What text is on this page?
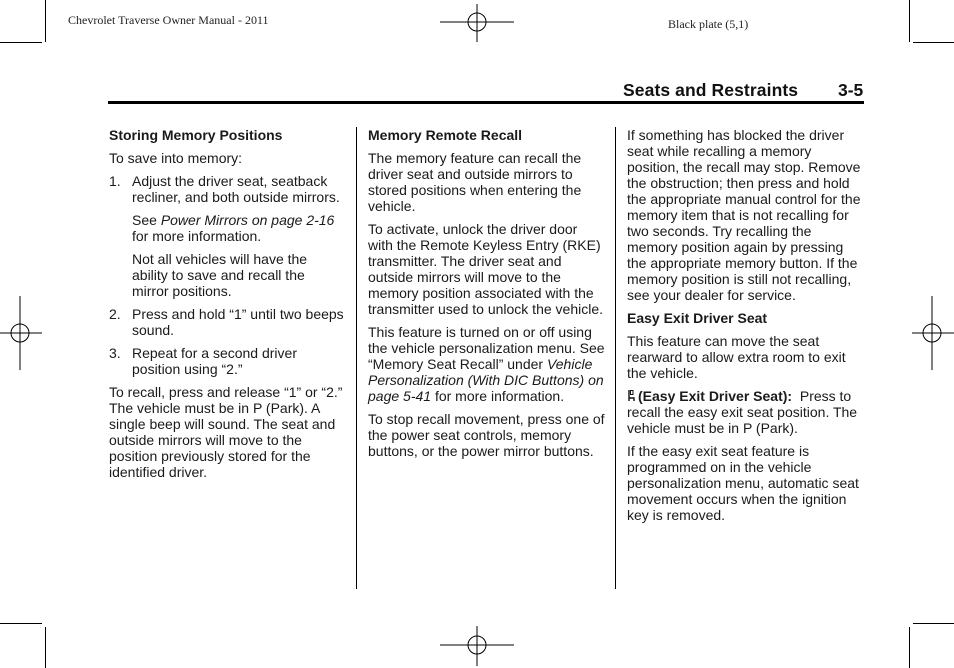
Chevrolet Traverse Owner Manual - 2011	Black plate (5,1)
Seats and Restraints 3-5

Storing Memory Positions

To save into memory:

1. Adjust the driver seat, seatback recliner, and both outside mirrors.

See Power Mirrors on page 2‑16 for more information.

Not all vehicles will have the ability to save and recall the mirror positions.

2. Press and hold “1” until two beeps sound.
3. Repeat for a second driver position using “2.”

To recall, press and release “1” or “2.” The vehicle must be in P (Park). A single beep will sound. The seat and outside mirrors will move to the position previously stored for the identified driver.

Memory Remote Recall

The memory feature can recall the driver seat and outside mirrors to stored positions when entering the vehicle.

To activate, unlock the driver door with the Remote Keyless Entry (RKE) transmitter. The driver seat and outside mirrors will move to the memory position associated with the transmitter used to unlock the vehicle.

This feature is turned on or off using the vehicle personalization menu. See “Memory Seat Recall” under Vehicle Personalization (With DIC Buttons) on page 5‑41 for more information.

To stop recall movement, press one of the power seat controls, memory buttons, or the power mirror buttons.

If something has blocked the driver seat while recalling a memory position, the recall may stop. Remove the obstruction; then press and hold the appropriate manual control for the memory item that is not recalling for two seconds. Try recalling the memory position again by pressing the appropriate memory button. If the memory position is still not recalling, see your dealer for service.

Easy Exit Driver Seat

This feature can move the seat rearward to allow extra room to exit the vehicle.

(Easy Exit Driver Seat):  Press to recall the easy exit seat position. The vehicle must be in P (Park).

If the easy exit seat feature is programmed on in the vehicle personalization menu, automatic seat movement occurs when the ignition key is removed.
